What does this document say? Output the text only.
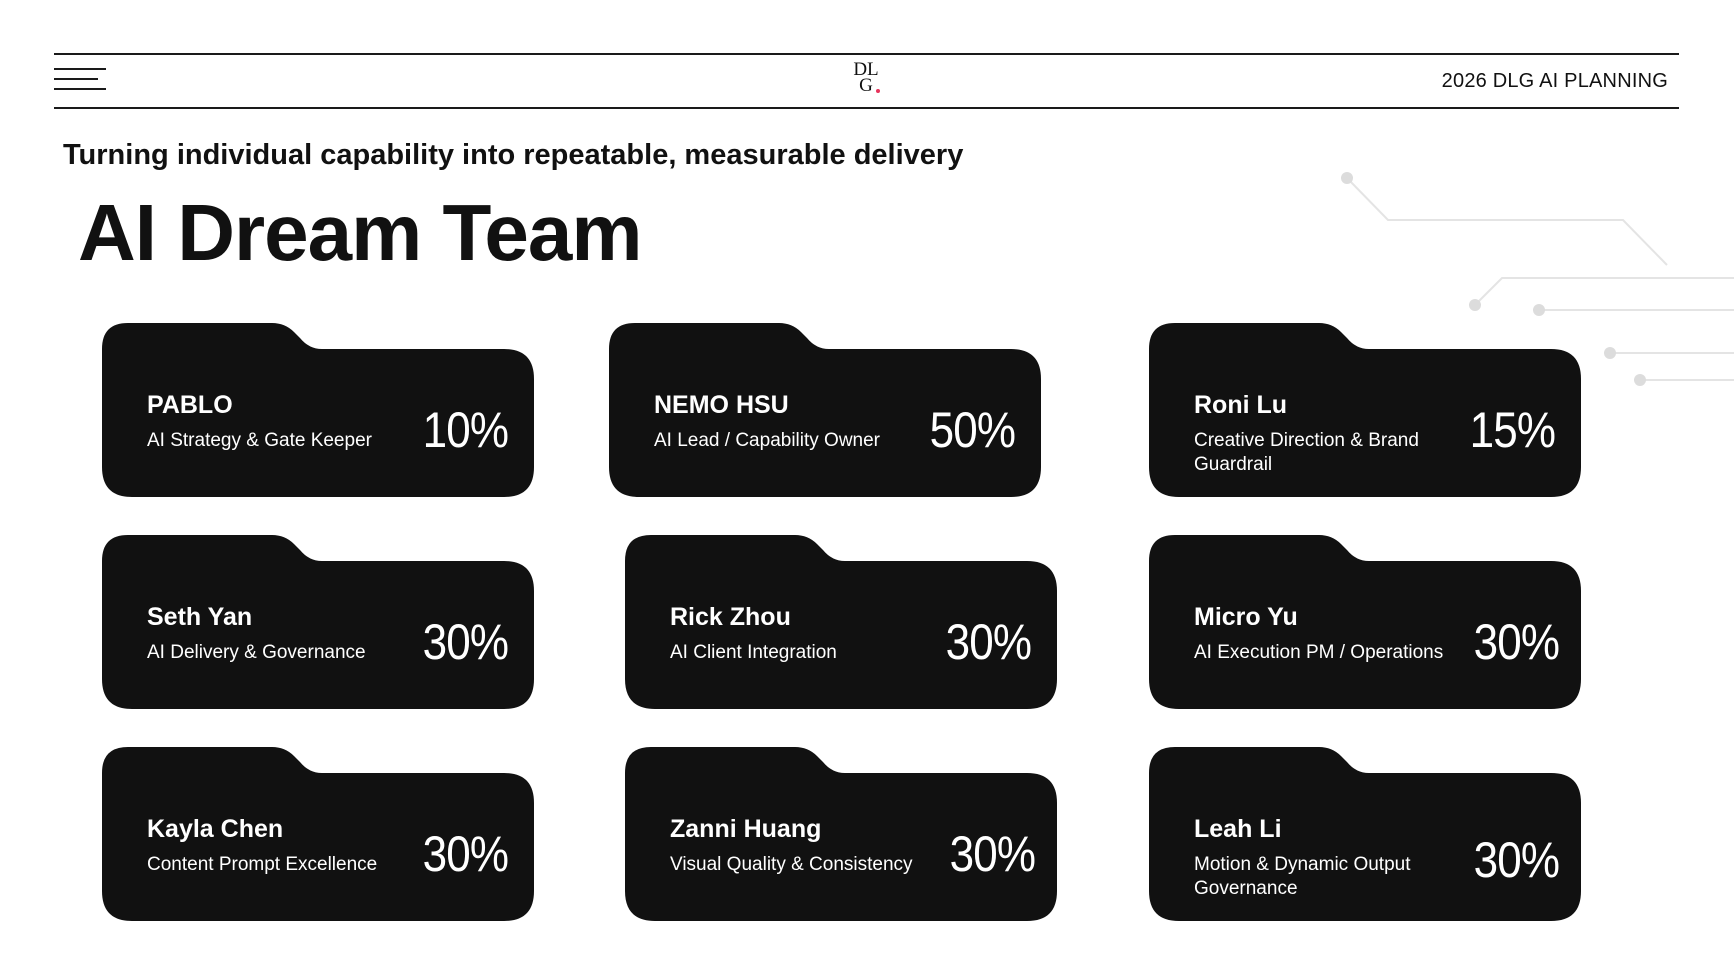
DL
G	2026 DLG AI PLANNING
Turning individual capability into repeatable, measurable delivery
AI Dream Team
PABLO
AI Strategy & Gate Keeper	10%	NEMO HSU
AI Lead / Capability Owner 50%	Roni Lu
Creative Direction & Brand Guardrail
15%
Seth Yan
AI Delivery & Governance	30%	Rick Zhou
AI Client Integration	30%	Micro Yu
AI Execution PM / Operations 30%
Kayla Chen
Content Prompt Excellence 30%	Zanni Huang
Visual Quality & Consistency 30%	Leah Li
Motion & Dynamic Output Governance
30%
